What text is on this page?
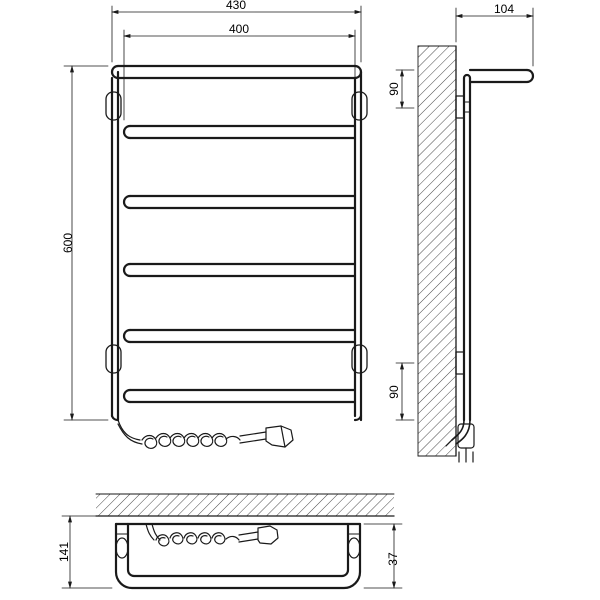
430
400
600
104
90
90
141	37
